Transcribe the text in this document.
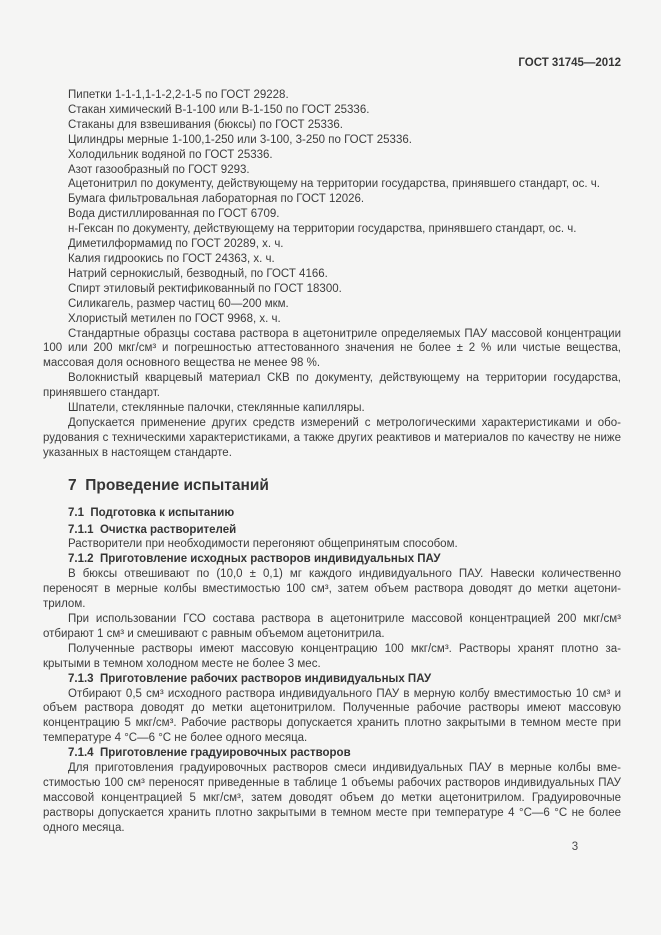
ГОСТ 31745—2012
Пипетки 1-1-1,1-1-2,2-1-5 по ГОСТ 29228.
Стакан химический В-1-100 или В-1-150 по ГОСТ 25336.
Стаканы для взвешивания (бюксы) по ГОСТ 25336.
Цилиндры мерные 1-100,1-250 или 3-100, 3-250 по ГОСТ 25336.
Холодильник водяной по ГОСТ 25336.
Азот газообразный по ГОСТ 9293.
Ацетонитрил по документу, действующему на территории государства, принявшего стандарт, ос. ч.
Бумага фильтровальная лабораторная по ГОСТ 12026.
Вода дистиллированная по ГОСТ 6709.
н-Гексан по документу, действующему на территории государства, принявшего стандарт, ос. ч.
Диметилформамид по ГОСТ 20289, х. ч.
Калия гидроокись по ГОСТ 24363, х. ч.
Натрий сернокислый, безводный, по ГОСТ 4166.
Спирт этиловый ректификованный по ГОСТ 18300.
Силикагель, размер частиц 60—200 мкм.
Хлористый метилен по ГОСТ 9968, х. ч.
Стандартные образцы состава раствора в ацетонитриле определяемых ПАУ массовой концентрации 100 или 200 мкг/см³ и погрешностью аттестованного значения не более ± 2 % или чистые вещества, массовая доля основного вещества не менее 98 %.
Волокнистый кварцевый материал СКВ по документу, действующему на территории государства, принявшего стандарт.
Шпатели, стеклянные палочки, стеклянные капилляры.
Допускается применение других средств измерений с метрологическими характеристиками и оборудования с техническими характеристиками, а также других реактивов и материалов по качеству не ниже указанных в настоящем стандарте.
7  Проведение испытаний
7.1  Подготовка к испытанию
7.1.1  Очистка растворителей
Растворители при необходимости перегоняют общепринятым способом.
7.1.2  Приготовление исходных растворов индивидуальных ПАУ
В бюксы отвешивают по (10,0 ± 0,1) мг каждого индивидуального ПАУ. Навески количественно переносят в мерные колбы вместимостью 100 см³, затем объем раствора доводят до метки ацетонитрилом.
При использовании ГСО состава раствора в ацетонитриле массовой концентрацией 200 мкг/см³ отбирают 1 см³ и смешивают с равным объемом ацетонитрила.
Полученные растворы имеют массовую концентрацию 100 мкг/см³. Растворы хранят плотно закрытыми в темном холодном месте не более 3 мес.
7.1.3  Приготовление рабочих растворов индивидуальных ПАУ
Отбирают 0,5 см³ исходного раствора индивидуального ПАУ в мерную колбу вместимостью 10 см³ и объем раствора доводят до метки ацетонитрилом. Полученные рабочие растворы имеют массовую концентрацию 5 мкг/см³. Рабочие растворы допускается хранить плотно закрытыми в темном месте при температуре 4 °С—6 °С не более одного месяца.
7.1.4  Приготовление градуировочных растворов
Для приготовления градуировочных растворов смеси индивидуальных ПАУ в мерные колбы вместимостью 100 см³ переносят приведенные в таблице 1 объемы рабочих растворов индивидуальных ПАУ массовой концентрацией 5 мкг/см³, затем доводят объем до метки ацетонитрилом. Градуировочные растворы допускается хранить плотно закрытыми в темном месте при температуре 4 °С—6 °С не более одного месяца.
3
